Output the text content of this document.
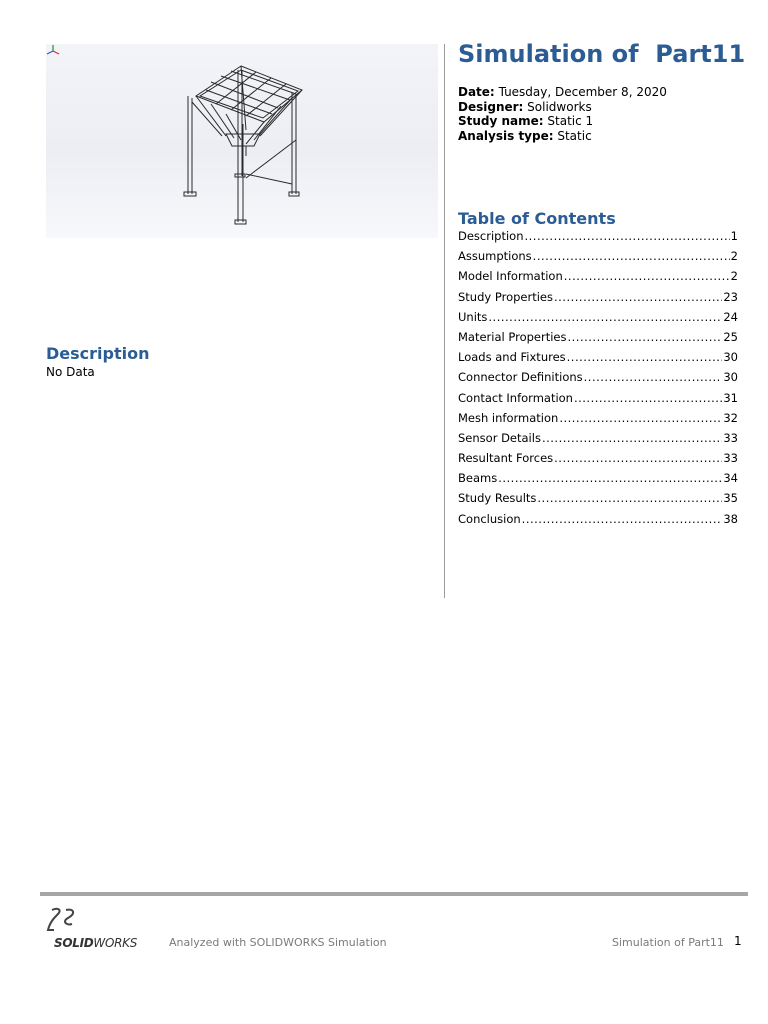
Description
No Data
Simulation of  Part11
Date: Tuesday, December 8, 2020
Designer: Solidworks
Study name: Static 1
Analysis type: Static
Table of Contents
Description .....	1
Assumptions .....	2
Model Information .....	2
Study Properties .....	23
Units .....	24
Material Properties .....	25
Loads and Fixtures .....	30
Connector Definitions .....	30
Contact Information .....	31
Mesh information .....	32
Sensor Details .....	33
Resultant Forces .....	33
Beams .....	34
Study Results .....	35
Conclusion .....	38
SOLIDWORKS	Analyzed with SOLIDWORKS Simulation	Simulation of Part11 1
